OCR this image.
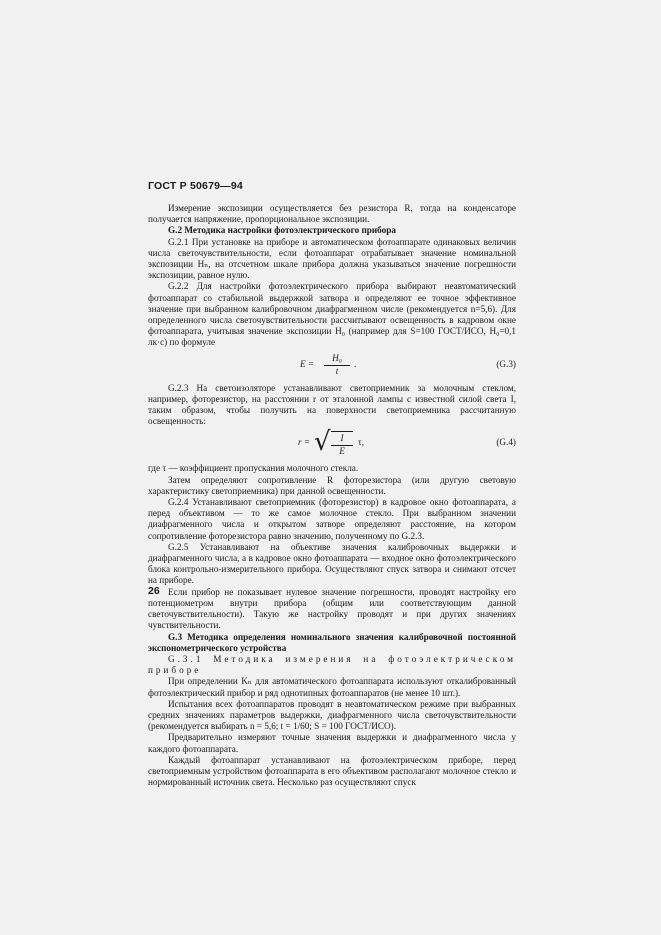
ГОСТ Р 50679—94

Измерение экспозиции осуществляется без резистора R, тогда на конденсаторе получается напряжение, пропорциональное экспозиции.

G.2 Методика настройки фотоэлектрического прибора

G.2.1 При установке на приборе и автоматическом фотоаппарате одинаковых величин числа светочувствительности, если фотоаппарат отрабатывает значение номинальной экспозиции Hₙ, на отсчетном шкале прибора должна указываться значение погрешности экспозиции, равное нулю.

G.2.2 Для настройки фотоэлектрического прибора выбирают неавтоматический фотоаппарат со стабильной выдержкой затвора и определяют ее точное эффективное значение при выбранном калибровочном диафрагменном числе (рекомендуется n=5,6). Для определенного числа светочувствительности рассчитывают освещенность в кадровом окне фотоаппарата, учитывая значение экспозиции H₀ (например для S=100 ГОСТ/ИСО, H₀=0,1 лк·с) по формуле

$E = \frac{\text{H₀}}{t}$ .	(G.3)

G.2.3 На светоизоляторе устанавливают светоприемник за молочным стеклом, например, фоторезистор, на расстоянии r от эталонной лампы с известной силой света I, таким образом, чтобы получить на поверхности светоприемника рассчитанную освещенность:

r = √ $\frac{I}{E} \tau$,	(G.4)

где τ — коэффициент пропускания молочного стекла.

Затем определяют сопротивление R фоторезистора (или другую световую характеристику светоприемника) при данной освещенности.

G.2.4 Устанавливают светоприемник (фоторезистор) в кадровое окно фотоаппарата, а перед объективом — то же самое молочное стекло. При выбранном значении диафрагменного числа и открытом затворе определяют расстояние, на котором сопротивление фоторезистора равно значению, полученному по G.2.3.

G.2.5 Устанавливают на объективе значения калибровочных выдержки и диафрагменного числа, а в кадровое окно фотоаппарата — входное окно фотоэлектрического блока контрольно-измерительного прибора. Осуществляют спуск затвора и снимают отсчет на приборе.

Если прибор не показывает нулевое значение погрешности, проводят настройку его потенциометром внутри прибора (общим или соответствующим данной светочувствительности). Такую же настройку проводят и при других значениях чувствительности.

G.3 Методика определения номинального значения калибровочной постоянной экспонометрического устройства

G.3.1 Методика измерения на фотоэлектрическом приборе

При определении Kₙ для автоматического фотоаппарата используют откалиброванный фотоэлектрический прибор и ряд однотипных фотоаппаратов (не менее 10 шт.).

Испытания всех фотоаппаратов проводят в неавтоматическом режиме при выбранных средних значениях параметров выдержки, диафрагменного числа светочувствительности (рекомендуется выбирать n = 5,6; t = 1/60; S = 100 ГОСТ/ИСО).

Предварительно измеряют точные значения выдержки и диафрагменного числа у каждого фотоаппарата.

Каждый фотоаппарат устанавливают на фотоэлектрическом приборе, перед светоприемным устройством фотоаппарата в его объективом располагают молочное стекло и нормированный источник света. Несколько раз осуществляют спуск

26
